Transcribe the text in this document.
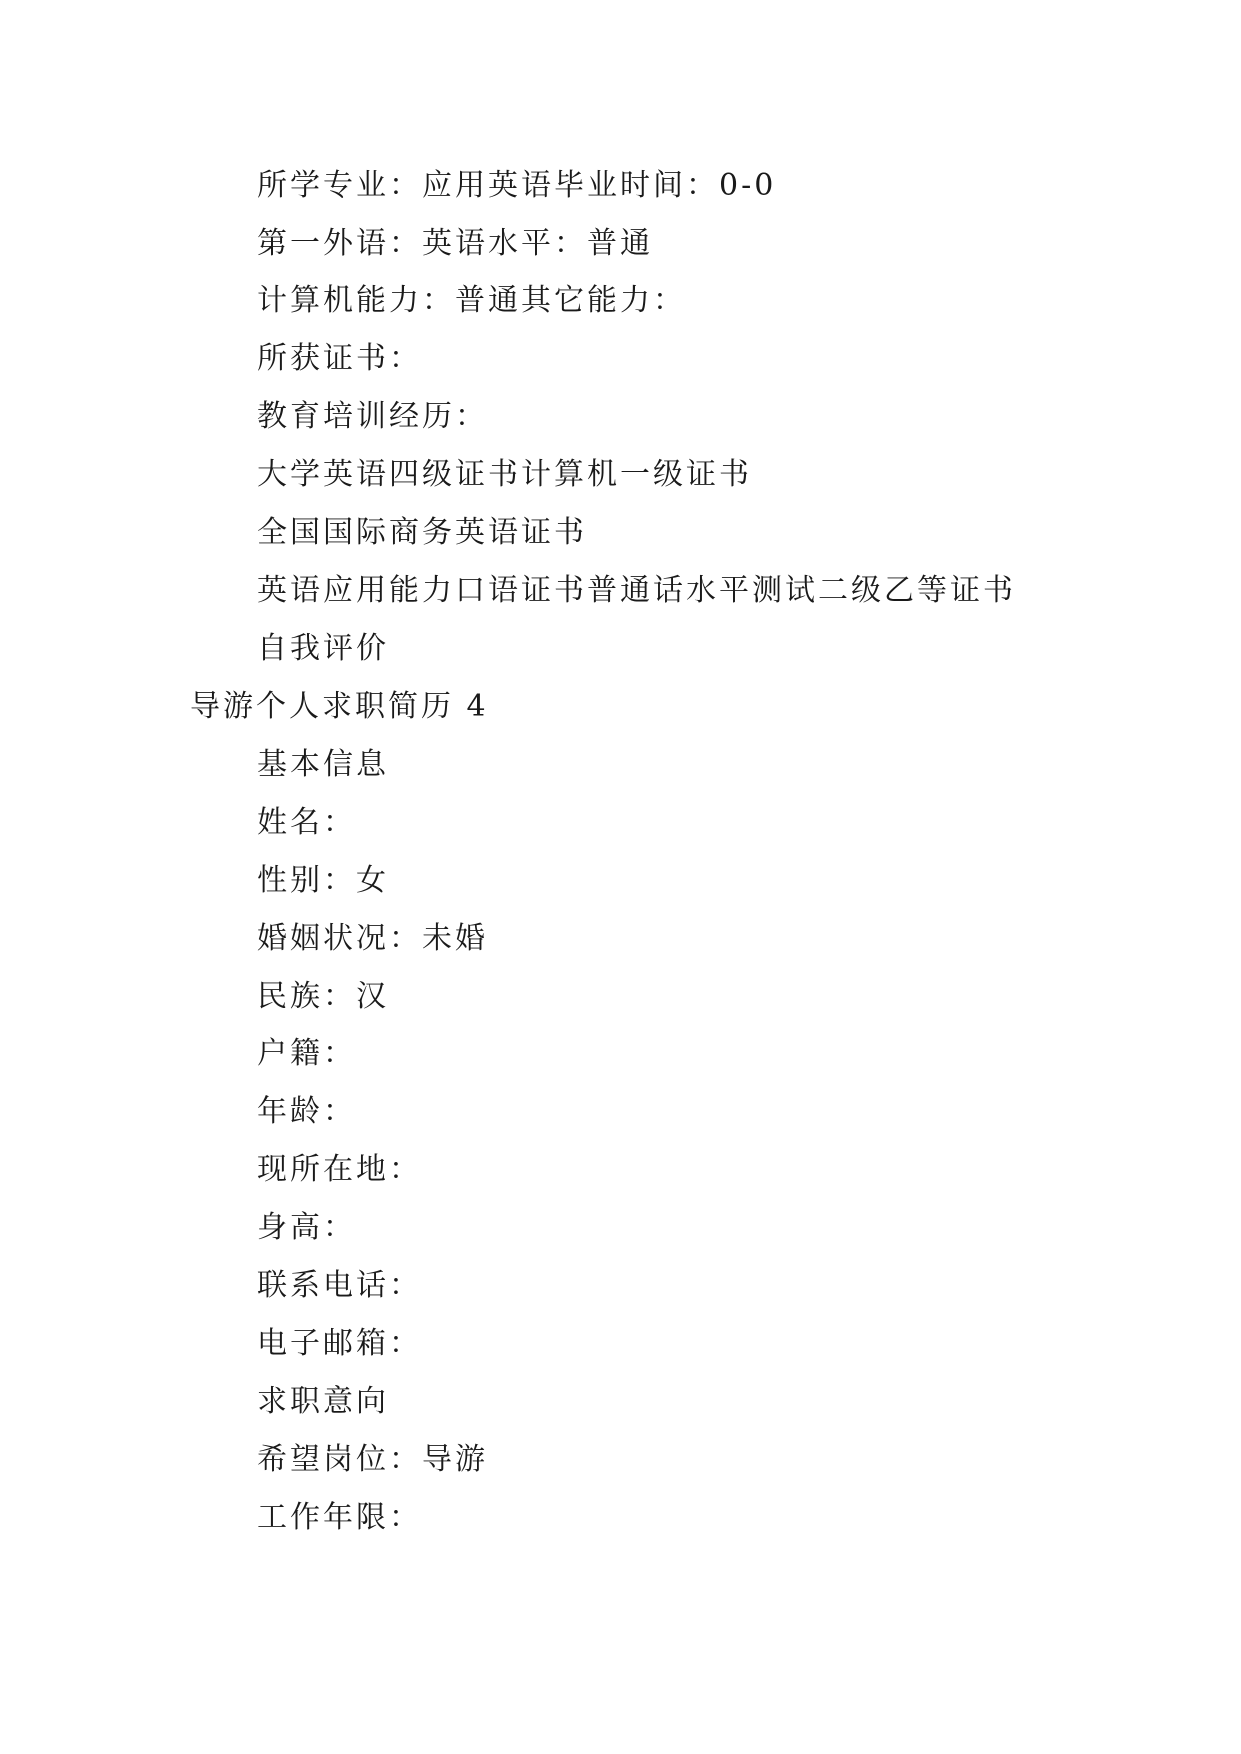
所学专业：应用英语毕业时间：0-0
第一外语：英语水平：普通
计算机能力：普通其它能力：
所获证书：
教育培训经历：
大学英语四级证书计算机一级证书
全国国际商务英语证书
英语应用能力口语证书普通话水平测试二级乙等证书
自我评价
导游个人求职简历 4
基本信息
姓名：
性别：女
婚姻状况：未婚
民族：汉
户籍：
年龄：
现所在地：
身高：
联系电话：
电子邮箱：
求职意向
希望岗位：导游
工作年限：
